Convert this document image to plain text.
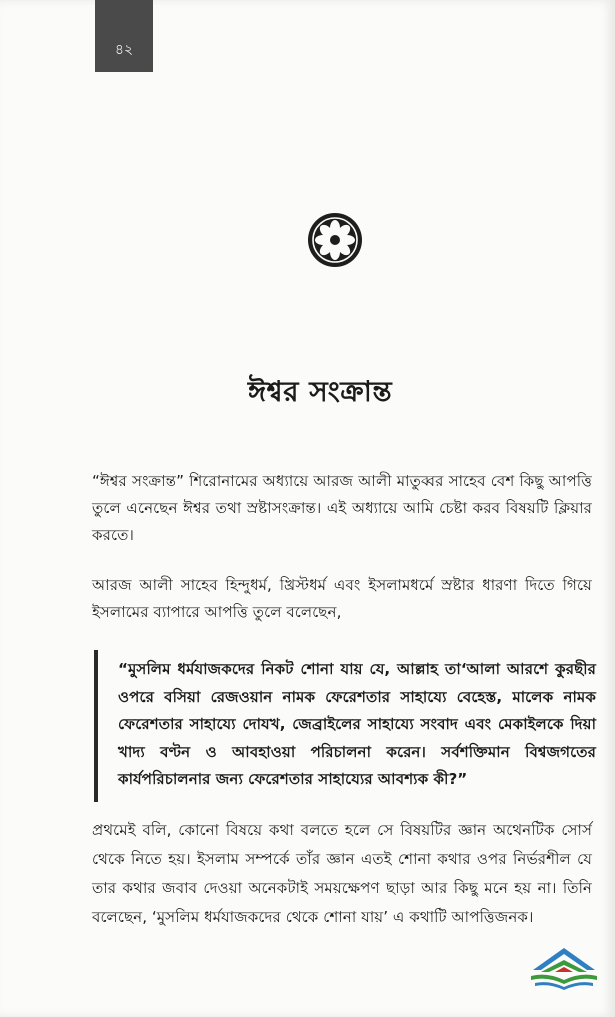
৪২
ঈশ্বর সংক্রান্ত
“ঈশ্বর সংক্রান্ত” শিরোনামের অধ্যায়ে আরজ আলী মাতুব্বর সাহেব বেশ কিছু আপত্তি তুলে এনেছেন ঈশ্বর তথা স্রষ্টাসংক্রান্ত। এই অধ্যায়ে আমি চেষ্টা করব বিষয়টি ক্লিয়ার করতে।
আরজ আলী সাহেব হিন্দুধর্ম, খ্রিস্টধর্ম এবং ইসলামধর্মে স্রষ্টার ধারণা দিতে গিয়ে ইসলামের ব্যাপারে আপত্তি তুলে বলেছেন,
“মুসলিম ধর্মযাজকদের নিকট শোনা যায় যে, আল্লাহ তা‘আলা আরশে কুরছীর ওপরে বসিয়া রেজওয়ান নামক ফেরেশতার সাহায্যে বেহেস্ত, মালেক নামক ফেরেশতার সাহায্যে দোযখ, জেব্রাইলের সাহায্যে সংবাদ এবং মেকাইলকে দিয়া খাদ্য বণ্টন ও আবহাওয়া পরিচালনা করেন। সর্বশক্তিমান বিশ্বজগতের কার্যপরিচালনার জন্য ফেরেশতার সাহায্যের আবশ্যক কী?”
প্রথমেই বলি, কোনো বিষয়ে কথা বলতে হলে সে বিষয়টির জ্ঞান অথেনটিক সোর্স থেকে নিতে হয়। ইসলাম সম্পর্কে তাঁর জ্ঞান এতই শোনা কথার ওপর নির্ভরশীল যে তার কথার জবাব দেওয়া অনেকটাই সময়ক্ষেপণ ছাড়া আর কিছু মনে হয় না। তিনি বলেছেন, ‘মুসলিম ধর্মযাজকদের থেকে শোনা যায়’ এ কথাটি আপত্তিজনক।
